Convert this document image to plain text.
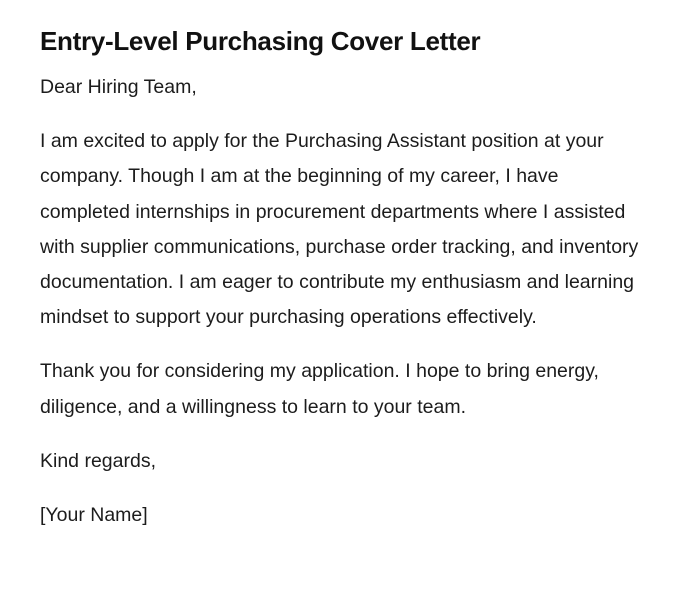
Entry-Level Purchasing Cover Letter

Dear Hiring Team,

I am excited to apply for the Purchasing Assistant position at your company. Though I am at the beginning of my career, I have completed internships in procurement departments where I assisted with supplier communications, purchase order tracking, and inventory documentation. I am eager to contribute my enthusiasm and learning mindset to support your purchasing operations effectively.

Thank you for considering my application. I hope to bring energy, diligence, and a willingness to learn to your team.

Kind regards,

[Your Name]
